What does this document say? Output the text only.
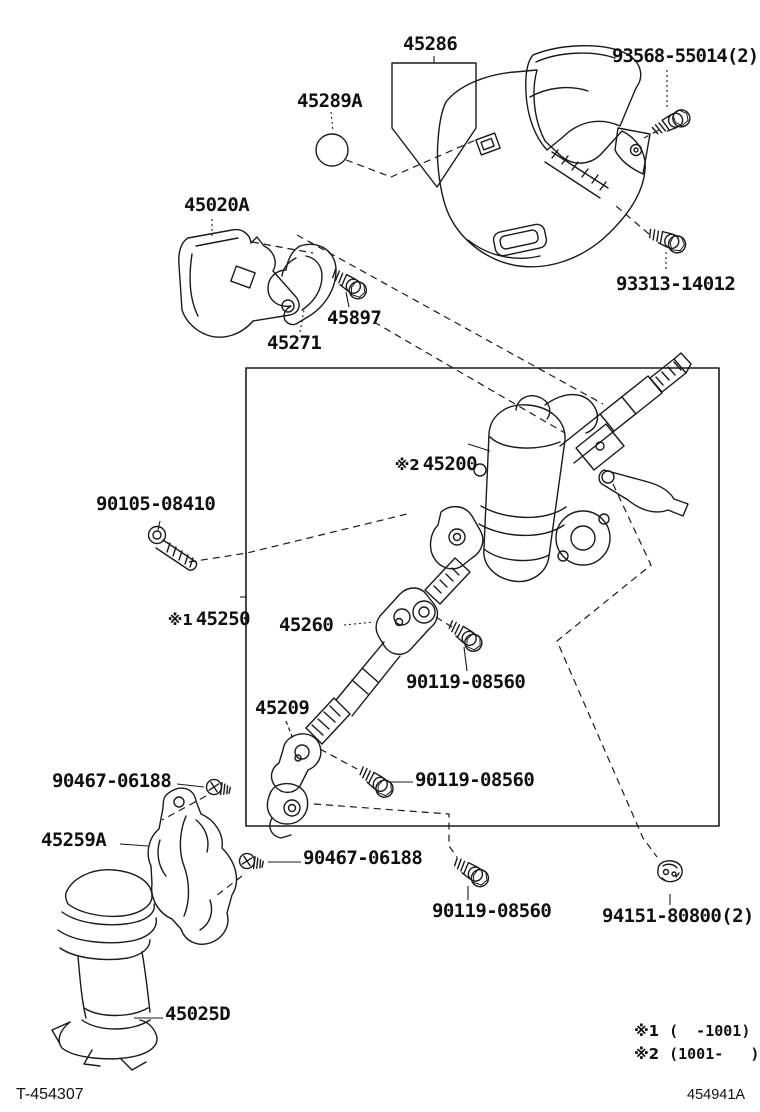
45286
45289A
93568-55014(2)
93313-14012
45020A
45271
45897

※2 45200

90105-08410

※1 45250 45260
90119-08560
45209
90119-08560
90467-06188
45259A
90467-06188
90119-08560	94151-80800(2)
45025D

※1 (  -1001)

※2 (1001-   )

T-454307	454941A
